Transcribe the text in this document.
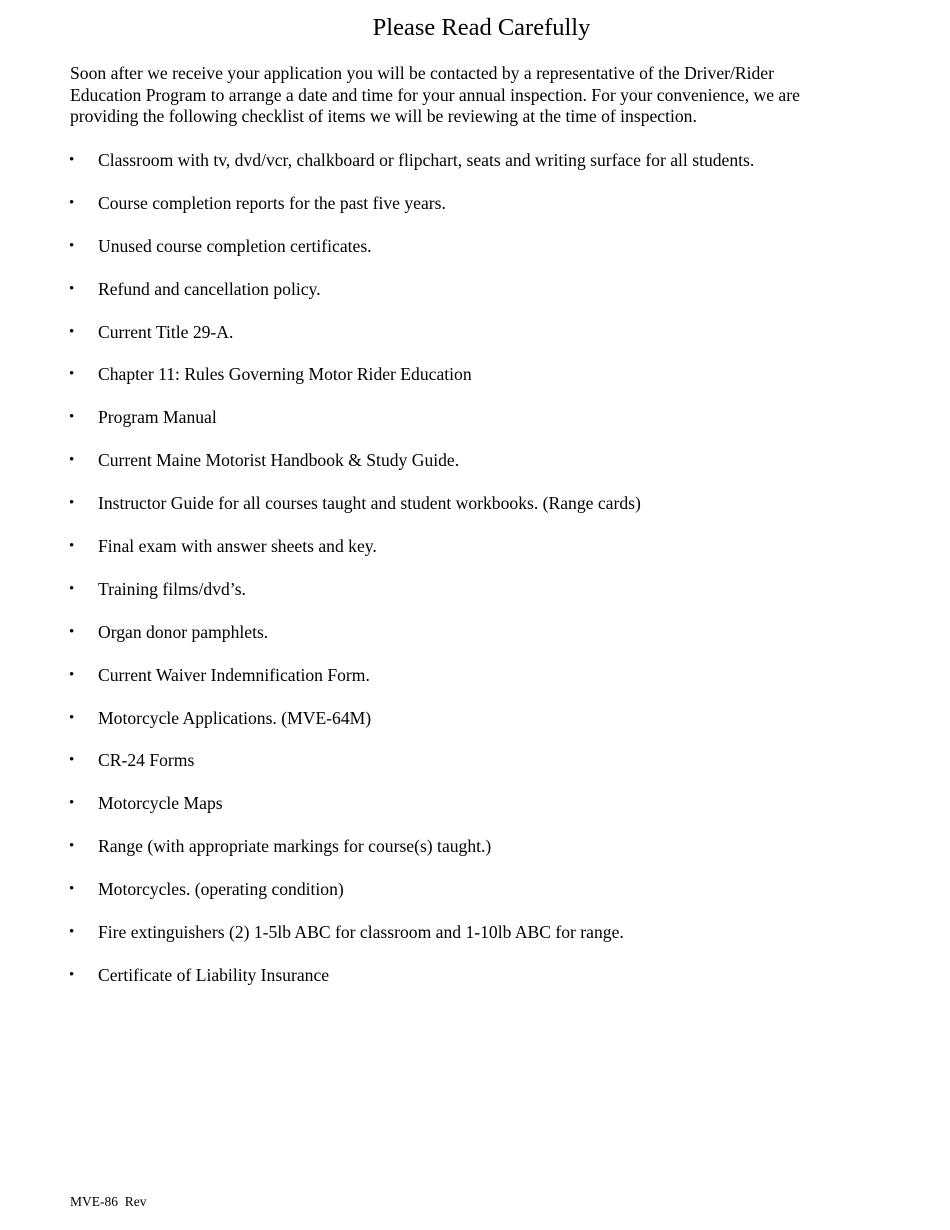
Please Read Carefully
Soon after we receive your application you will be contacted by a representative of the Driver/Rider
Education Program to arrange a date and time for your annual inspection. For your convenience, we are
providing the following checklist of items we will be reviewing at the time of inspection.
• Classroom with tv, dvd/vcr, chalkboard or flipchart, seats and writing surface for all students.
• Course completion reports for the past five years.
• Unused course completion certificates.
• Refund and cancellation policy.
• Current Title 29-A.
• Chapter 11: Rules Governing Motor Rider Education
• Program Manual
• Current Maine Motorist Handbook & Study Guide.
• Instructor Guide for all courses taught and student workbooks. (Range cards)
• Final exam with answer sheets and key.
• Training films/dvd’s.
• Organ donor pamphlets.
• Current Waiver Indemnification Form.
• Motorcycle Applications. (MVE-64M)
• CR-24 Forms
• Motorcycle Maps
• Range (with appropriate markings for course(s) taught.)
• Motorcycles. (operating condition)
• Fire extinguishers (2) 1-5lb ABC for classroom and 1-10lb ABC for range.
• Certificate of Liability Insurance
MVE-86  Rev
